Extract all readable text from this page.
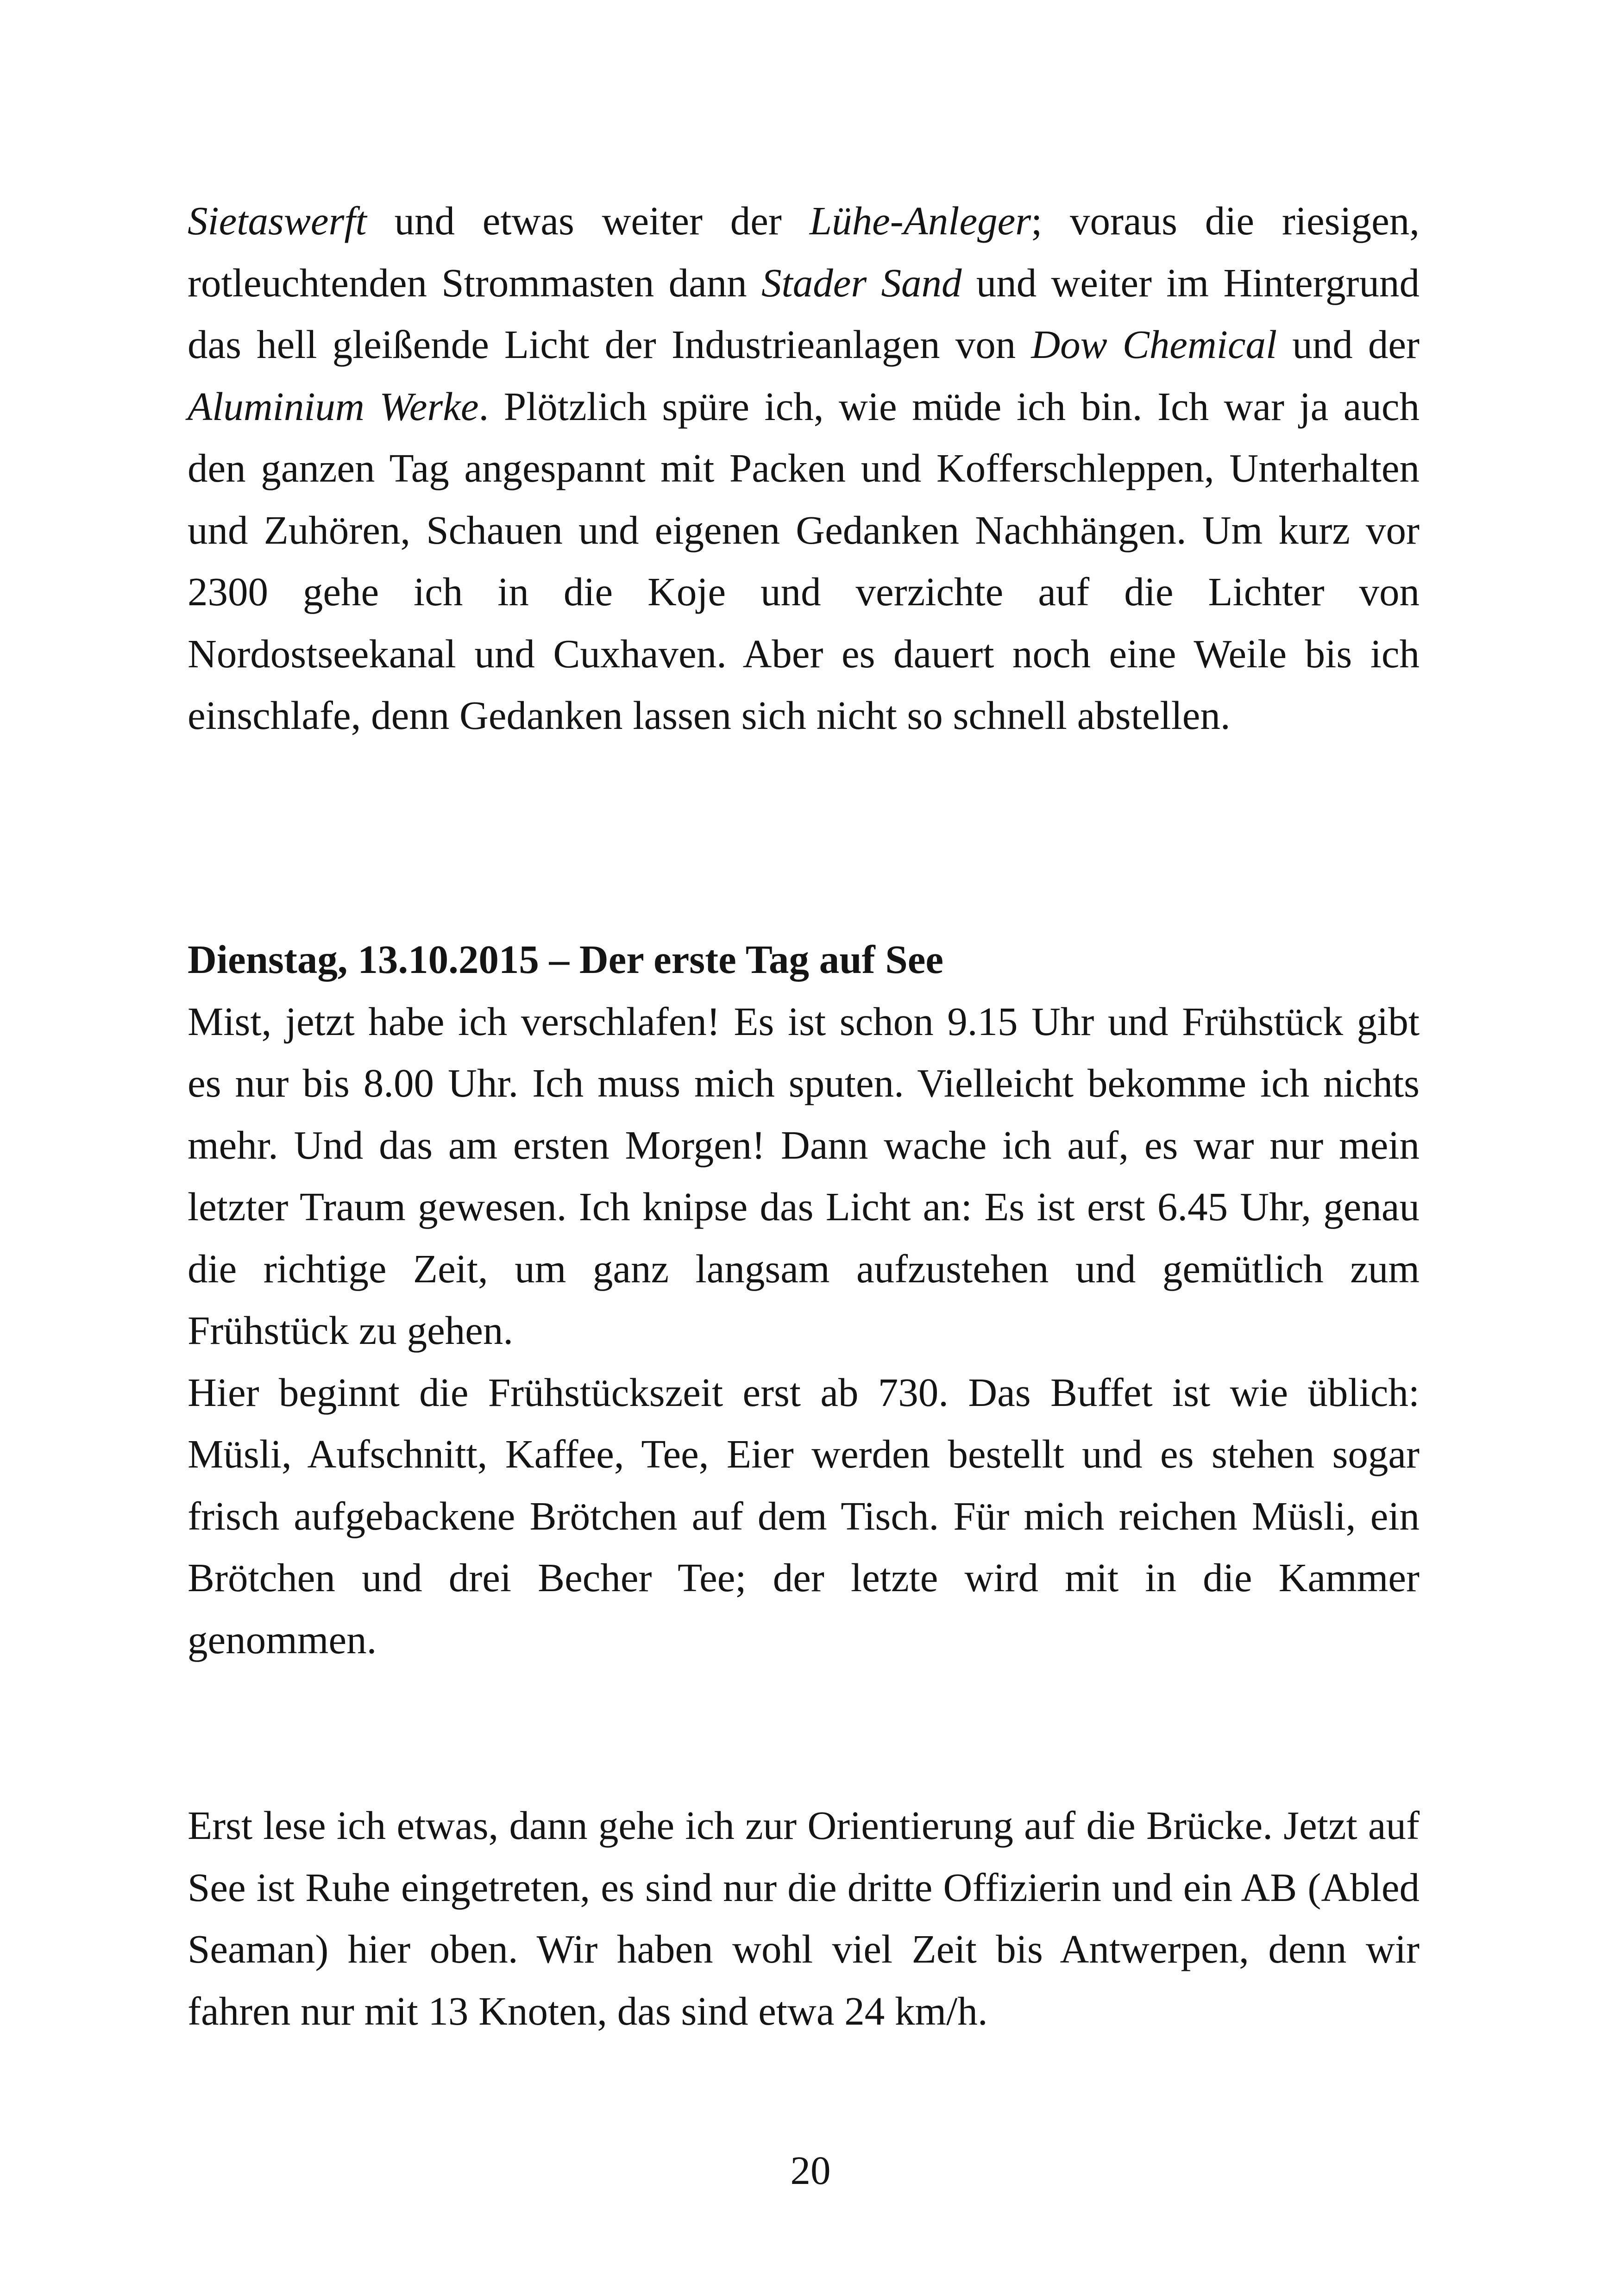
Sietaswerft und etwas weiter der Lühe-Anleger; voraus die riesigen, rotleuchtenden Strommasten dann Stader Sand und weiter im Hintergrund das hell gleißende Licht der Industrieanlagen von Dow Chemical und der Aluminium Werke. Plötzlich spüre ich, wie müde ich bin. Ich war ja auch den ganzen Tag angespannt mit Packen und Kofferschleppen, Unterhalten und Zuhören, Schauen und eigenen Gedanken Nachhängen. Um kurz vor 2300 gehe ich in die Koje und verzichte auf die Lichter von Nordostseekanal und Cuxhaven. Aber es dauert noch eine Weile bis ich einschlafe, denn Gedanken lassen sich nicht so schnell abstellen.

Dienstag, 13.10.2015 – Der erste Tag auf See
Mist, jetzt habe ich verschlafen! Es ist schon 9.15 Uhr und Frühstück gibt es nur bis 8.00 Uhr. Ich muss mich sputen. Vielleicht bekomme ich nichts mehr. Und das am ersten Morgen! Dann wache ich auf, es war nur mein letzter Traum gewesen. Ich knipse das Licht an: Es ist erst 6.45 Uhr, genau die richtige Zeit, um ganz langsam aufzustehen und gemütlich zum Frühstück zu gehen.
Hier beginnt die Frühstückszeit erst ab 730. Das Buffet ist wie üblich: Müsli, Aufschnitt, Kaffee, Tee, Eier werden bestellt und es stehen sogar frisch aufgebackene Brötchen auf dem Tisch. Für mich reichen Müsli, ein Brötchen und drei Becher Tee; der letzte wird mit in die Kammer genommen.

Erst lese ich etwas, dann gehe ich zur Orientierung auf die Brücke. Jetzt auf See ist Ruhe eingetreten, es sind nur die dritte Offizierin und ein AB (Abled Seaman) hier oben. Wir haben wohl viel Zeit bis Antwerpen, denn wir fahren nur mit 13 Knoten, das sind etwa 24 km/h.

20
